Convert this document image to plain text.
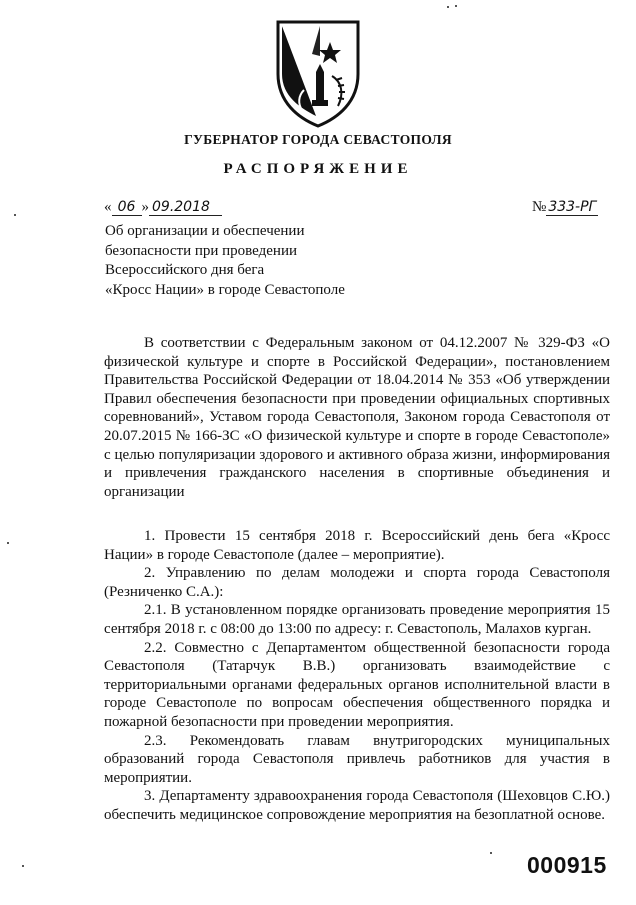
ГУБЕРНАТОР ГОРОДА СЕВАСТОПОЛЯ
РАСПОРЯЖЕНИЕ
« 06 » 09.2018	№ 333-РГ
Об организации и обеспечении
безопасности при проведении
Всероссийского дня бега
«Кросс Нации» в городе Севастополе

В соответствии с Федеральным законом от 04.12.2007 № 329-ФЗ «О физической культуре и спорте в Российской Федерации», постановлением Правительства Российской Федерации от 18.04.2014 № 353 «Об утверждении Правил обеспечения безопасности при проведении официальных спортивных соревнований», Уставом города Севастополя, Законом города Севастополя от 20.07.2015 № 166-ЗС «О физической культуре и спорте в городе Севастополе» с целью популяризации здорового и активного образа жизни, информирования и привлечения гражданского населения в спортивные объединения и организации

1. Провести 15 сентября 2018 г. Всероссийский день бега «Кросс Нации» в городе Севастополе (далее – мероприятие).

2. Управлению по делам молодежи и спорта города Севастополя (Резниченко С.А.):

2.1. В установленном порядке организовать проведение мероприятия 15 сентября 2018 г. с 08:00 до 13:00 по адресу: г. Севастополь, Малахов курган.

2.2. Совместно с Департаментом общественной безопасности города Севастополя (Татарчук В.В.) организовать взаимодействие с территориальными органами федеральных органов исполнительной власти в городе Севастополе по вопросам обеспечения общественного порядка и пожарной безопасности при проведении мероприятия.

2.3. Рекомендовать главам внутригородских муниципальных образований города Севастополя привлечь работников для участия в мероприятии.

3. Департаменту здравоохранения города Севастополя (Шеховцов С.Ю.) обеспечить медицинское сопровождение мероприятия на безоплатной основе.

000915
